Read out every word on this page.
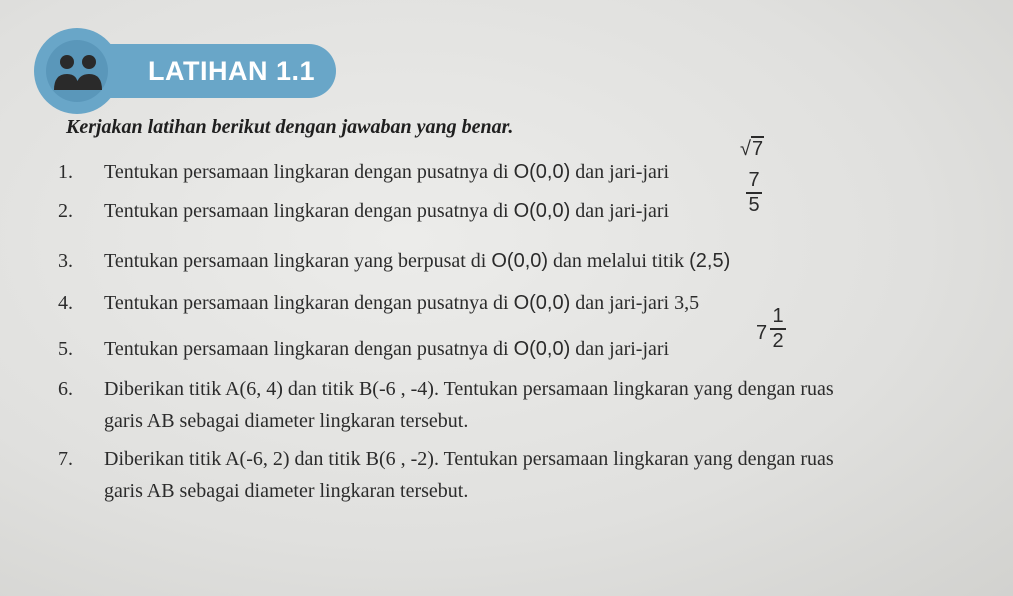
LATIHAN 1.1
Kerjakan latihan berikut dengan jawaban yang benar.
1. Tentukan persamaan lingkaran dengan pusatnya di O(0,0) dan jari-jari
√7
2. Tentukan persamaan lingkaran dengan pusatnya di O(0,0) dan jari-jari
7
5
3. Tentukan persamaan lingkaran yang berpusat di O(0,0) dan melalui titik (2,5)
4. Tentukan persamaan lingkaran dengan pusatnya di O(0,0) dan jari-jari 3,5
5. Tentukan persamaan lingkaran dengan pusatnya di O(0,0) dan jari-jari
7
1
2
6. Diberikan titik A(6, 4) dan titik B(-6 , -4). Tentukan persamaan lingkaran yang dengan ruas
garis AB sebagai diameter lingkaran tersebut.
7. Diberikan titik A(-6, 2) dan titik B(6 , -2). Tentukan persamaan lingkaran yang dengan ruas
garis AB sebagai diameter lingkaran tersebut.
